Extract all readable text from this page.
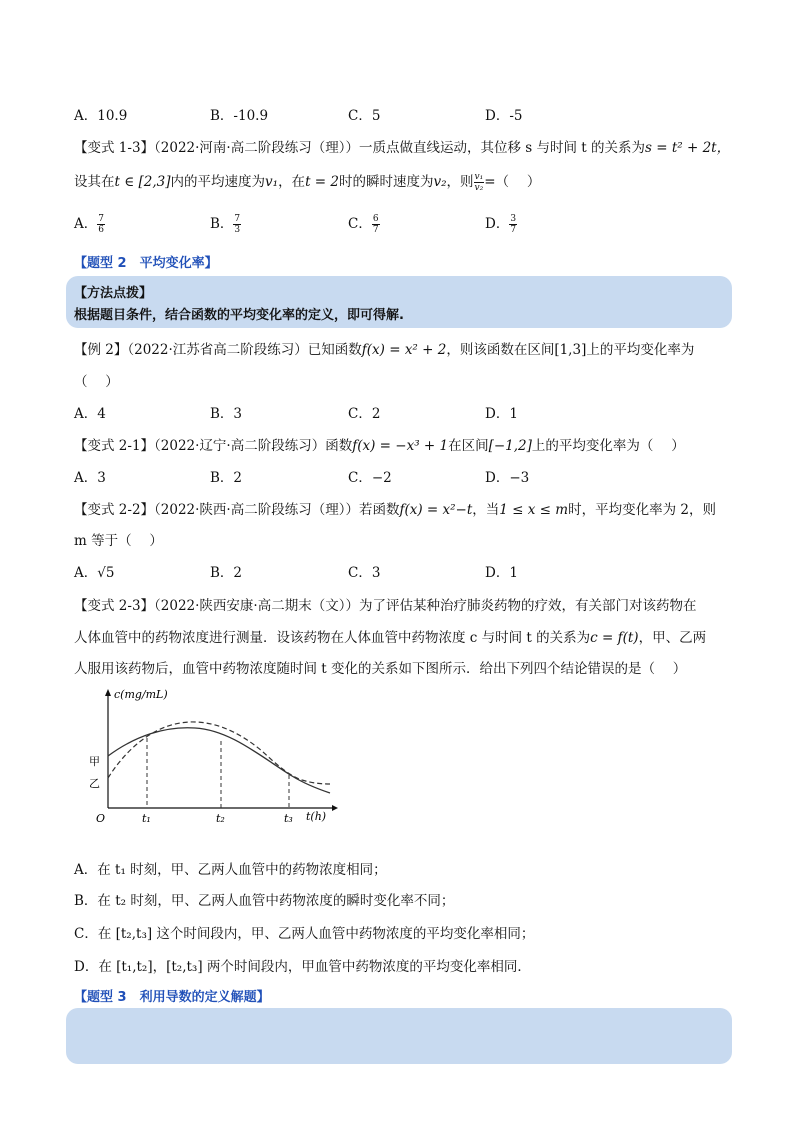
A．10.9	B．-10.9	C．5	D．-5
【变式 1-3】（2022·河南·高二阶段练习（理））一质点做直线运动，其位移 s 与时间 t 的关系为s = t² + 2t，
设其在t ∈ [2,3]内的平均速度为v₁，在t = 2时的瞬时速度为v₂，则 $\frac{\text{v₁}}{\text{v₂}}$ =（　 ）
A． $\frac{7}{6}$	B． $\frac{7}{3}$	C． $\frac{6}{7}$	D． $\frac{3}{7}$
【题型 2　平均变化率】
【方法点拨】
根据题目条件，结合函数的平均变化率的定义，即可得解.
【例 2】（2022·江苏省高二阶段练习）已知函数f(x) = x² + 2，则该函数在区间[1,3]上的平均变化率为
（　 ）
A．4	B．3	C．2	D．1
【变式 2-1】（2022·辽宁·高二阶段练习）函数f(x) = −x³ + 1在区间[−1,2]上的平均变化率为（　 ）
A．3	B．2	C．−2	D．−3
【变式 2-2】（2022·陕西·高二阶段练习（理））若函数f(x) = x²−t，当1 ≤ x ≤ m时，平均变化率为 2，则
m 等于（　 ）
A．√5	B．2	C．3	D．1
【变式 2-3】（2022·陕西安康·高二期末（文））为了评估某种治疗肺炎药物的疗效，有关部门对该药物在
人体血管中的药物浓度进行测量．设该药物在人体血管中药物浓度 c 与时间 t 的关系为c = f(t)，甲、乙两
人服用该药物后，血管中药物浓度随时间 t 变化的关系如下图所示．给出下列四个结论错误的是（　 ）
c(mg/mL)
t(h)
O
甲
乙
t₁	t₂	t₃
A．在 t₁ 时刻，甲、乙两人血管中的药物浓度相同；
B．在 t₂ 时刻，甲、乙两人血管中药物浓度的瞬时变化率不同；
C．在 [t₂,t₃] 这个时间段内，甲、乙两人血管中药物浓度的平均变化率相同；
D．在 [t₁,t₂]，[t₂,t₃] 两个时间段内，甲血管中药物浓度的平均变化率相同．
【题型 3　利用导数的定义解题】
